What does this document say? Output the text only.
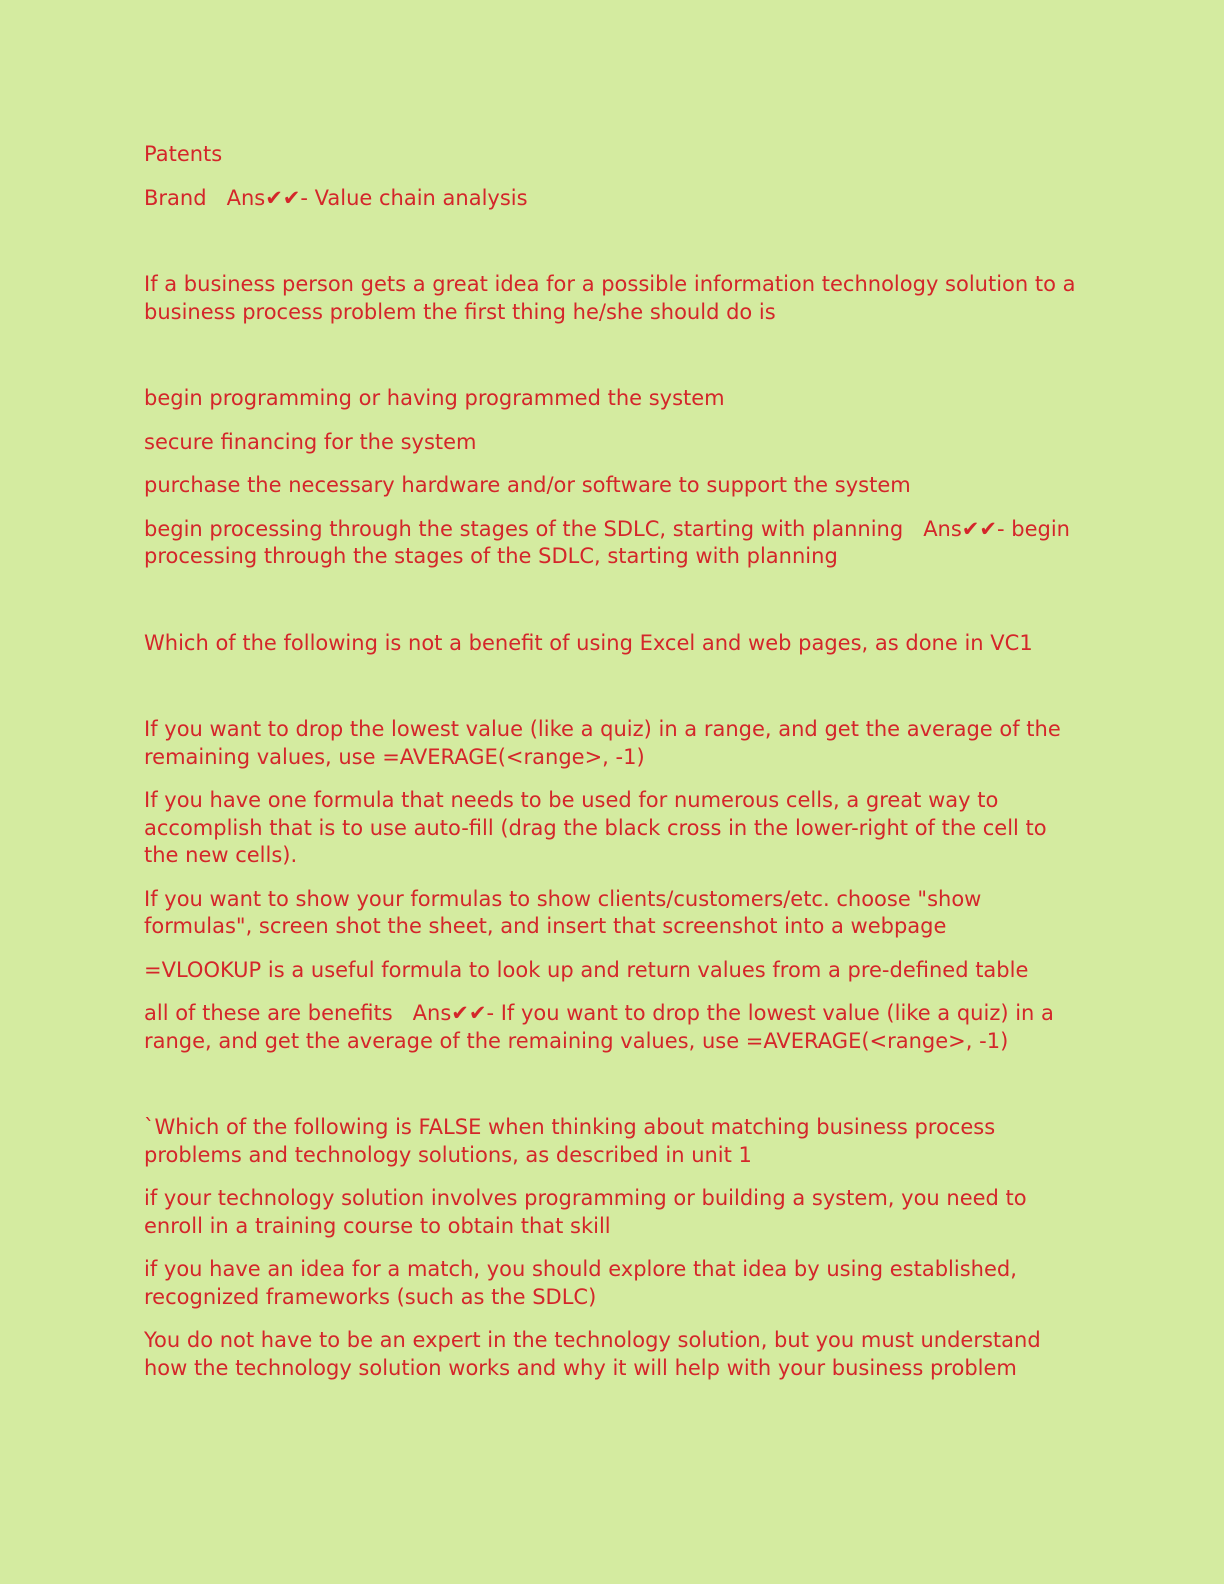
Patents

Brand   Ans✔✔- Value chain analysis

If a business person gets a great idea for a possible information technology solution to a business process problem the first thing he/she should do is

begin programming or having programmed the system

secure financing for the system

purchase the necessary hardware and/or software to support the system

begin processing through the stages of the SDLC, starting with planning   Ans✔✔- begin processing through the stages of the SDLC, starting with planning

Which of the following is not a benefit of using Excel and web pages, as done in VC1

If you want to drop the lowest value (like a quiz) in a range, and get the average of the remaining values, use =AVERAGE(<range>, -1)

If you have one formula that needs to be used for numerous cells, a great way to accomplish that is to use auto-fill (drag the black cross in the lower-right of the cell to the new cells).

If you want to show your formulas to show clients/customers/etc. choose "show formulas", screen shot the sheet, and insert that screenshot into a webpage

=VLOOKUP is a useful formula to look up and return values from a pre-defined table

all of these are benefits   Ans✔✔- If you want to drop the lowest value (like a quiz) in a range, and get the average of the remaining values, use =AVERAGE(<range>, -1)

`Which of the following is FALSE when thinking about matching business process problems and technology solutions, as described in unit 1

if your technology solution involves programming or building a system, you need to enroll in a training course to obtain that skill

if you have an idea for a match, you should explore that idea by using established, recognized frameworks (such as the SDLC)

You do not have to be an expert in the technology solution, but you must understand how the technology solution works and why it will help with your business problem
